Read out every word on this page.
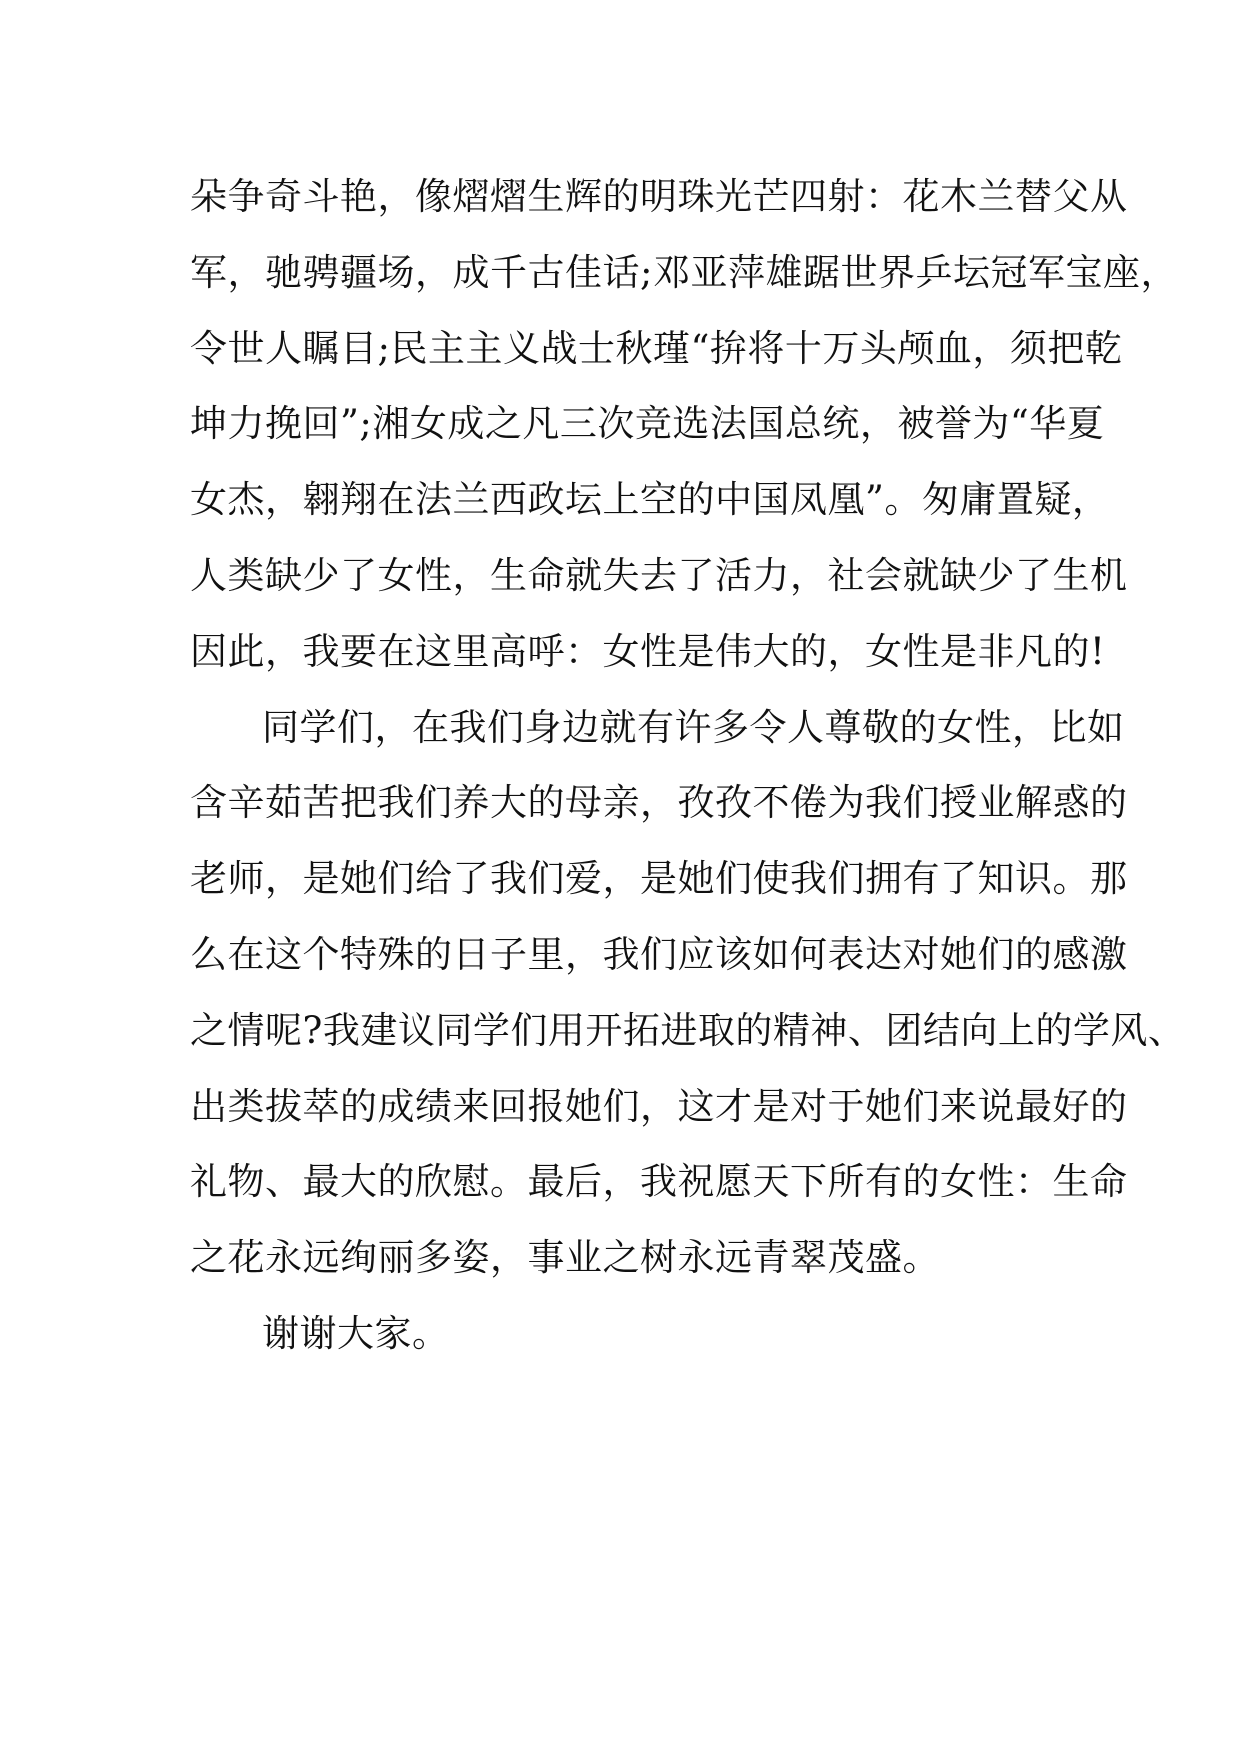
朵争奇斗艳，像熠熠生辉的明珠光芒四射：花木兰替父从

军，驰骋疆场，成千古佳话;邓亚萍雄踞世界乒坛冠军宝座，

令世人瞩目;民主主义战士秋瑾“拚将十万头颅血，须把乾

坤力挽回”;湘女成之凡三次竞选法国总统，被誉为“华夏

女杰，翱翔在法兰西政坛上空的中国凤凰”。匆庸置疑，

人类缺少了女性，生命就失去了活力，社会就缺少了生机

因此，我要在这里高呼：女性是伟大的，女性是非凡的!

同学们，在我们身边就有许多令人尊敬的女性，比如

含辛茹苦把我们养大的母亲，孜孜不倦为我们授业解惑的

老师，是她们给了我们爱，是她们使我们拥有了知识。那

么在这个特殊的日子里，我们应该如何表达对她们的感激

之情呢?我建议同学们用开拓进取的精神、团结向上的学风、

出类拔萃的成绩来回报她们，这才是对于她们来说最好的

礼物、最大的欣慰。最后，我祝愿天下所有的女性：生命

之花永远绚丽多姿，事业之树永远青翠茂盛。

谢谢大家。
